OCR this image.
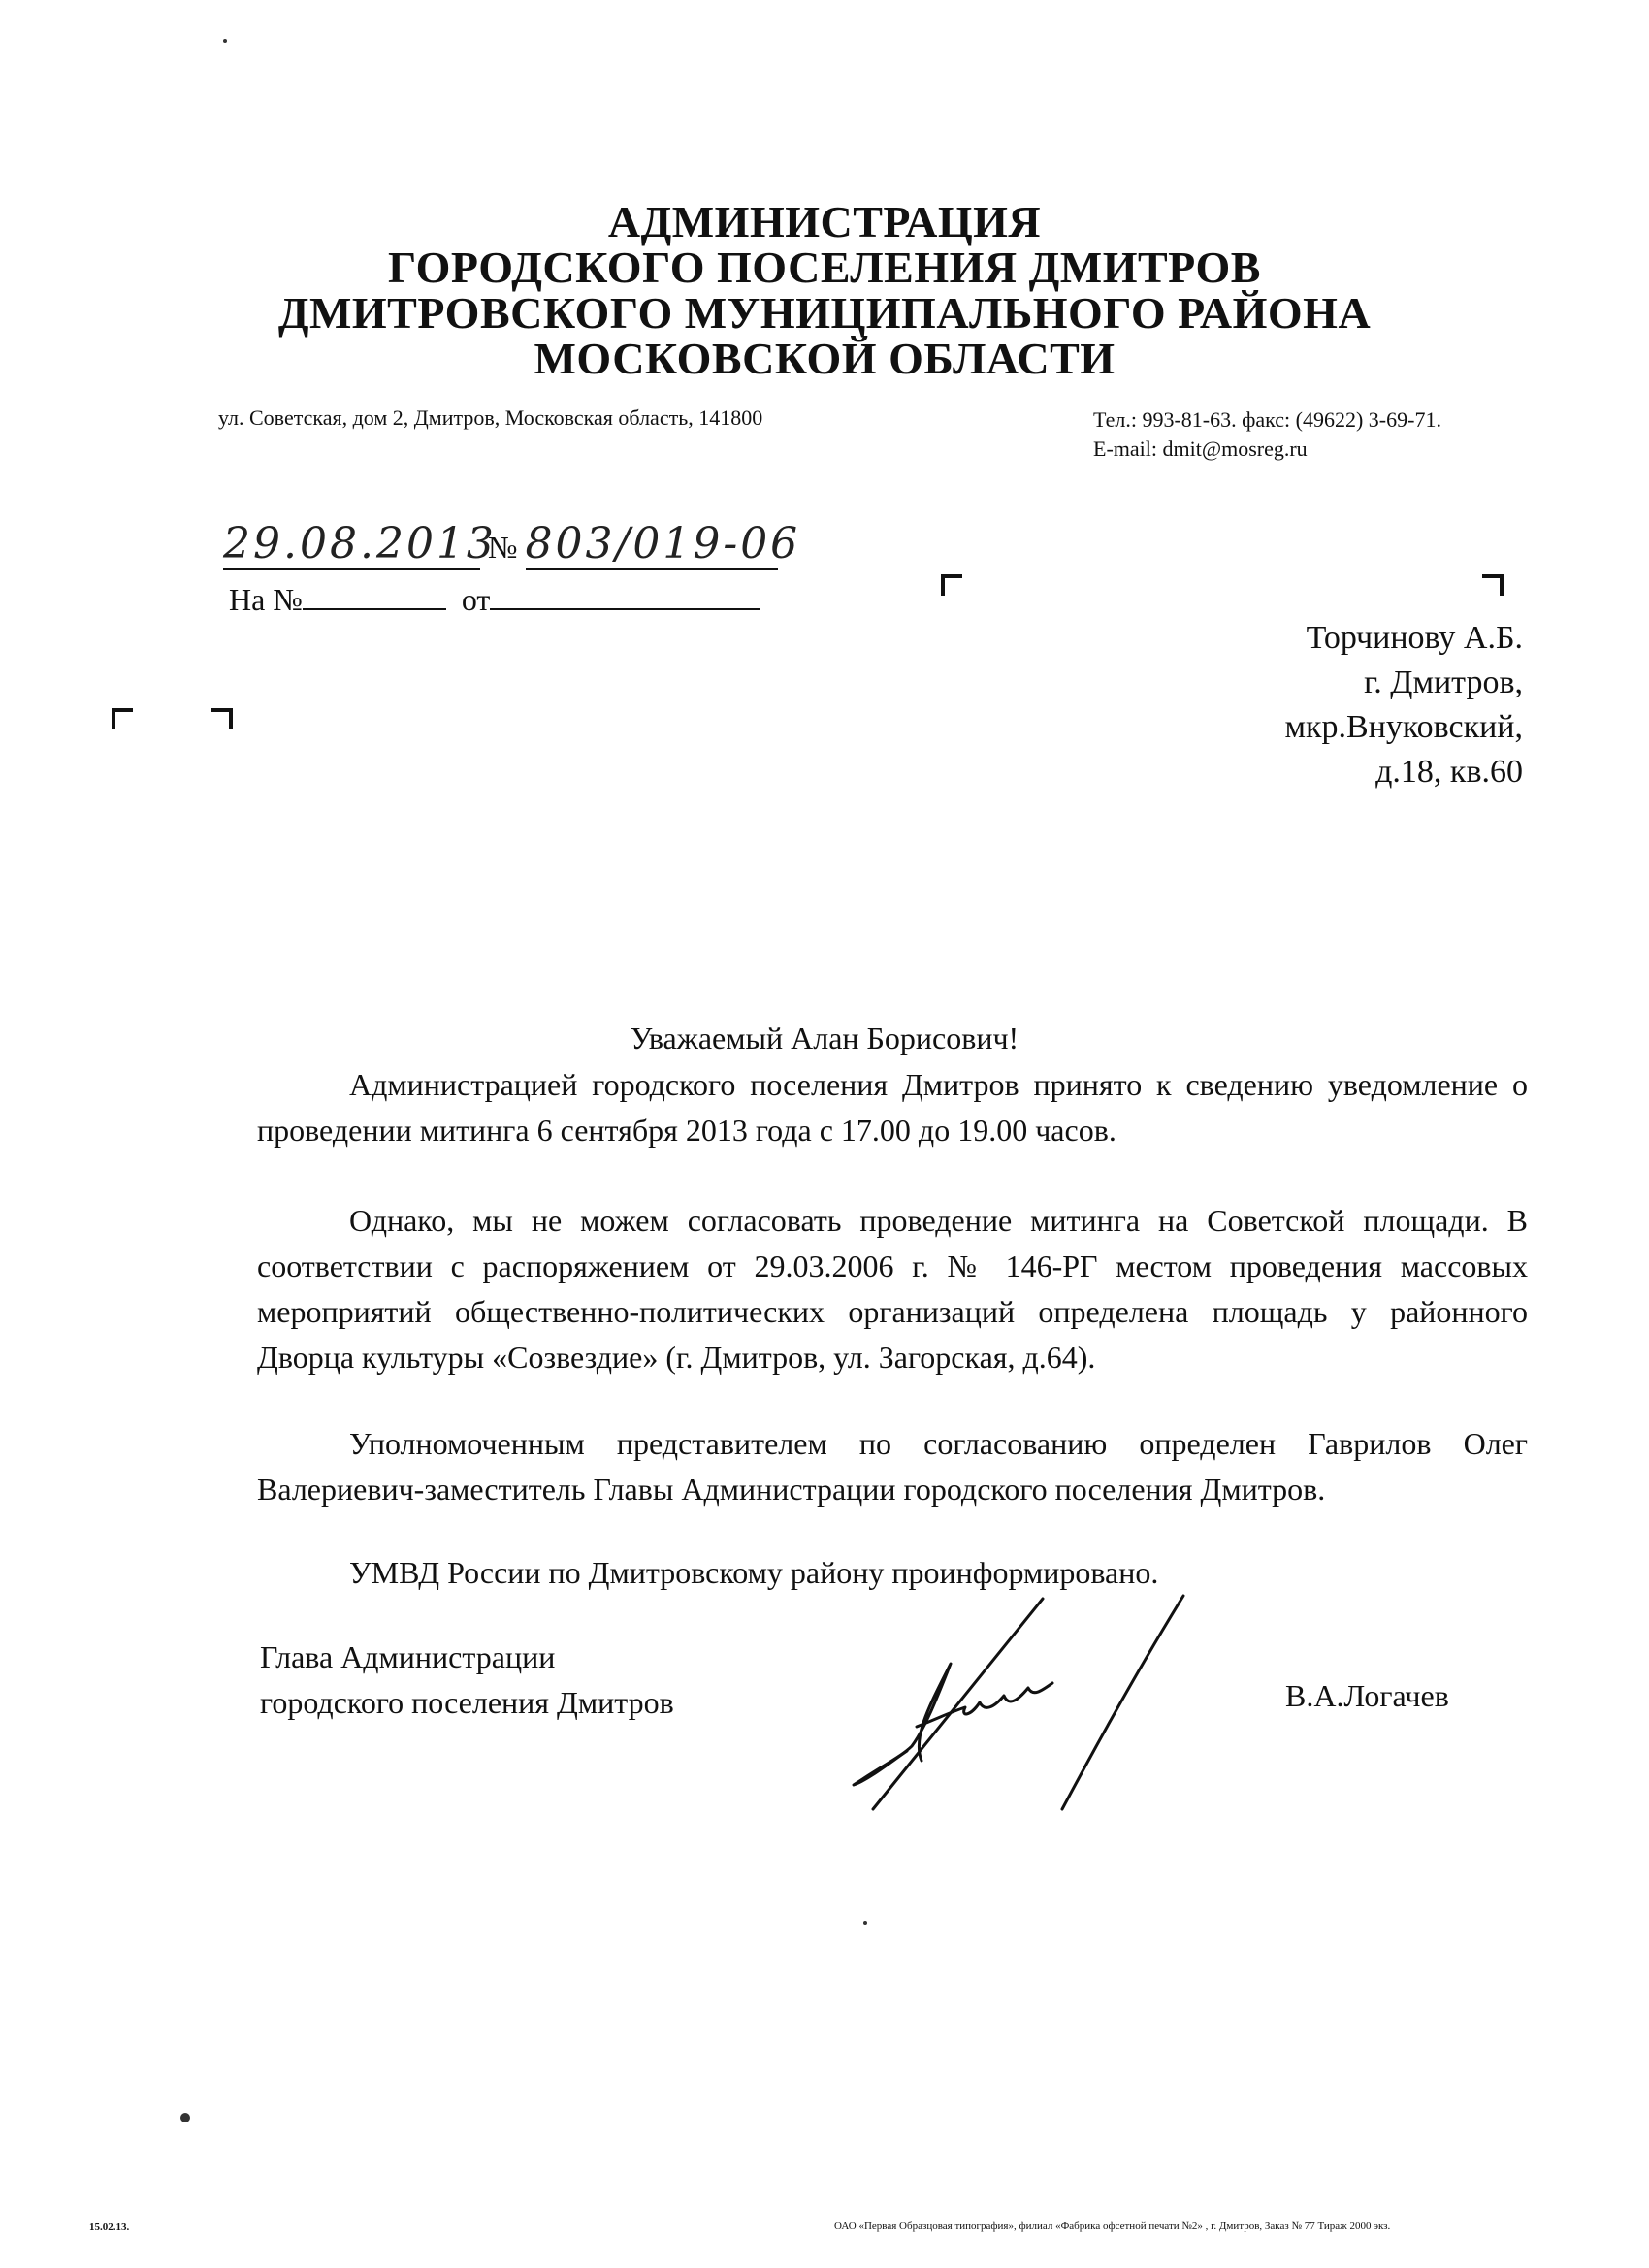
АДМИНИСТРАЦИЯ
ГОРОДСКОГО ПОСЕЛЕНИЯ ДМИТРОВ
ДМИТРОВСКОГО МУНИЦИПАЛЬНОГО РАЙОНА
МОСКОВСКОЙ ОБЛАСТИ
ул. Советская, дом 2, Дмитров, Московская область, 141800	Тел.: 993-81-63. факс: (49622) 3-69-71.
E-mail: dmit@mosreg.ru
29.08.2013 № 803/019-06
На №	от
Торчинову А.Б.
г. Дмитров,
мкр.Внуковский,
д.18, кв.60
Уважаемый Алан Борисович!

Администрацией городского поселения Дмитров принято к сведению уведомление о проведении митинга 6 сентября 2013 года с 17.00 до 19.00 часов.

Однако, мы не можем согласовать проведение митинга на Советской площади. В соответствии с распоряжением от 29.03.2006 г. № 146-РГ местом проведения массовых мероприятий общественно-политических организаций определена площадь у районного Дворца культуры «Созвездие» (г. Дмитров, ул. Загорская, д.64).

Уполномоченным представителем по согласованию определен Гаврилов Олег Валериевич-заместитель Главы Администрации городского поселения Дмитров.

УМВД России по Дмитровскому району проинформировано.

Глава Администрации
городского поселения Дмитров	В.А.Логачев
15.02.13.	ОАО «Первая Образцовая типография», филиал «Фабрика офсетной печати №2» , г. Дмитров, Заказ № 77 Тираж 2000 экз.
